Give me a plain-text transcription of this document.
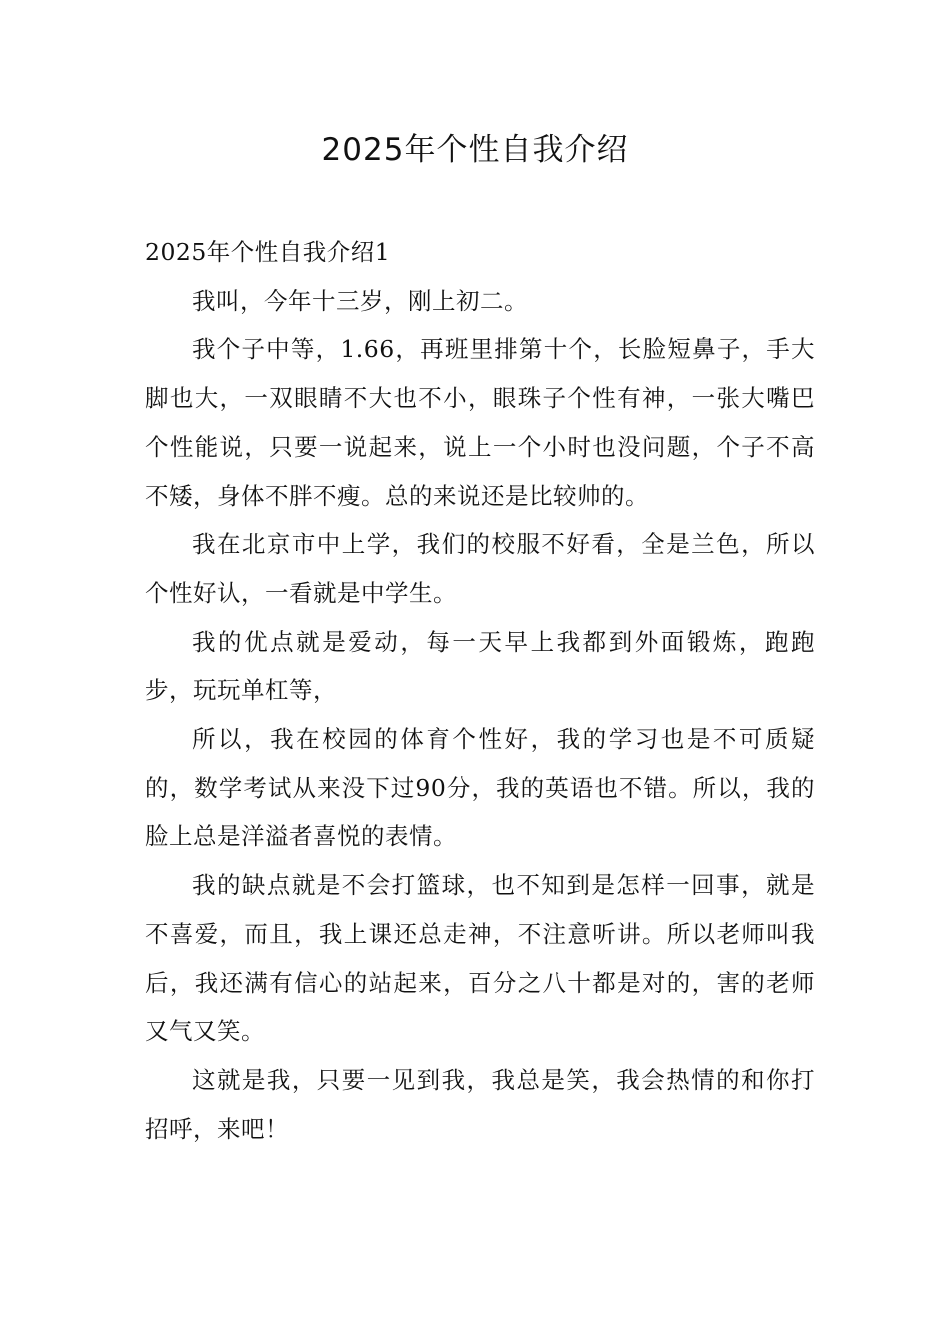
2025年个性自我介绍
2025年个性自我介绍1

我叫，今年十三岁，刚上初二。

我个子中等，1.66，再班里排第十个，长脸短鼻子，手大脚也大，一双眼睛不大也不小，眼珠子个性有神，一张大嘴巴个性能说，只要一说起来，说上一个小时也没问题，个子不高不矮，身体不胖不瘦。总的来说还是比较帅的。

我在北京市中上学，我们的校服不好看，全是兰色，所以个性好认，一看就是中学生。

我的优点就是爱动，每一天早上我都到外面锻炼，跑跑步，玩玩单杠等，

所以，我在校园的体育个性好，我的学习也是不可质疑的，数学考试从来没下过90分，我的英语也不错。所以，我的脸上总是洋溢者喜悦的表情。

我的缺点就是不会打篮球，也不知到是怎样一回事，就是不喜爱，而且，我上课还总走神，不注意听讲。所以老师叫我后，我还满有信心的站起来，百分之八十都是对的，害的老师又气又笑。

这就是我，只要一见到我，我总是笑，我会热情的和你打招呼，来吧！
